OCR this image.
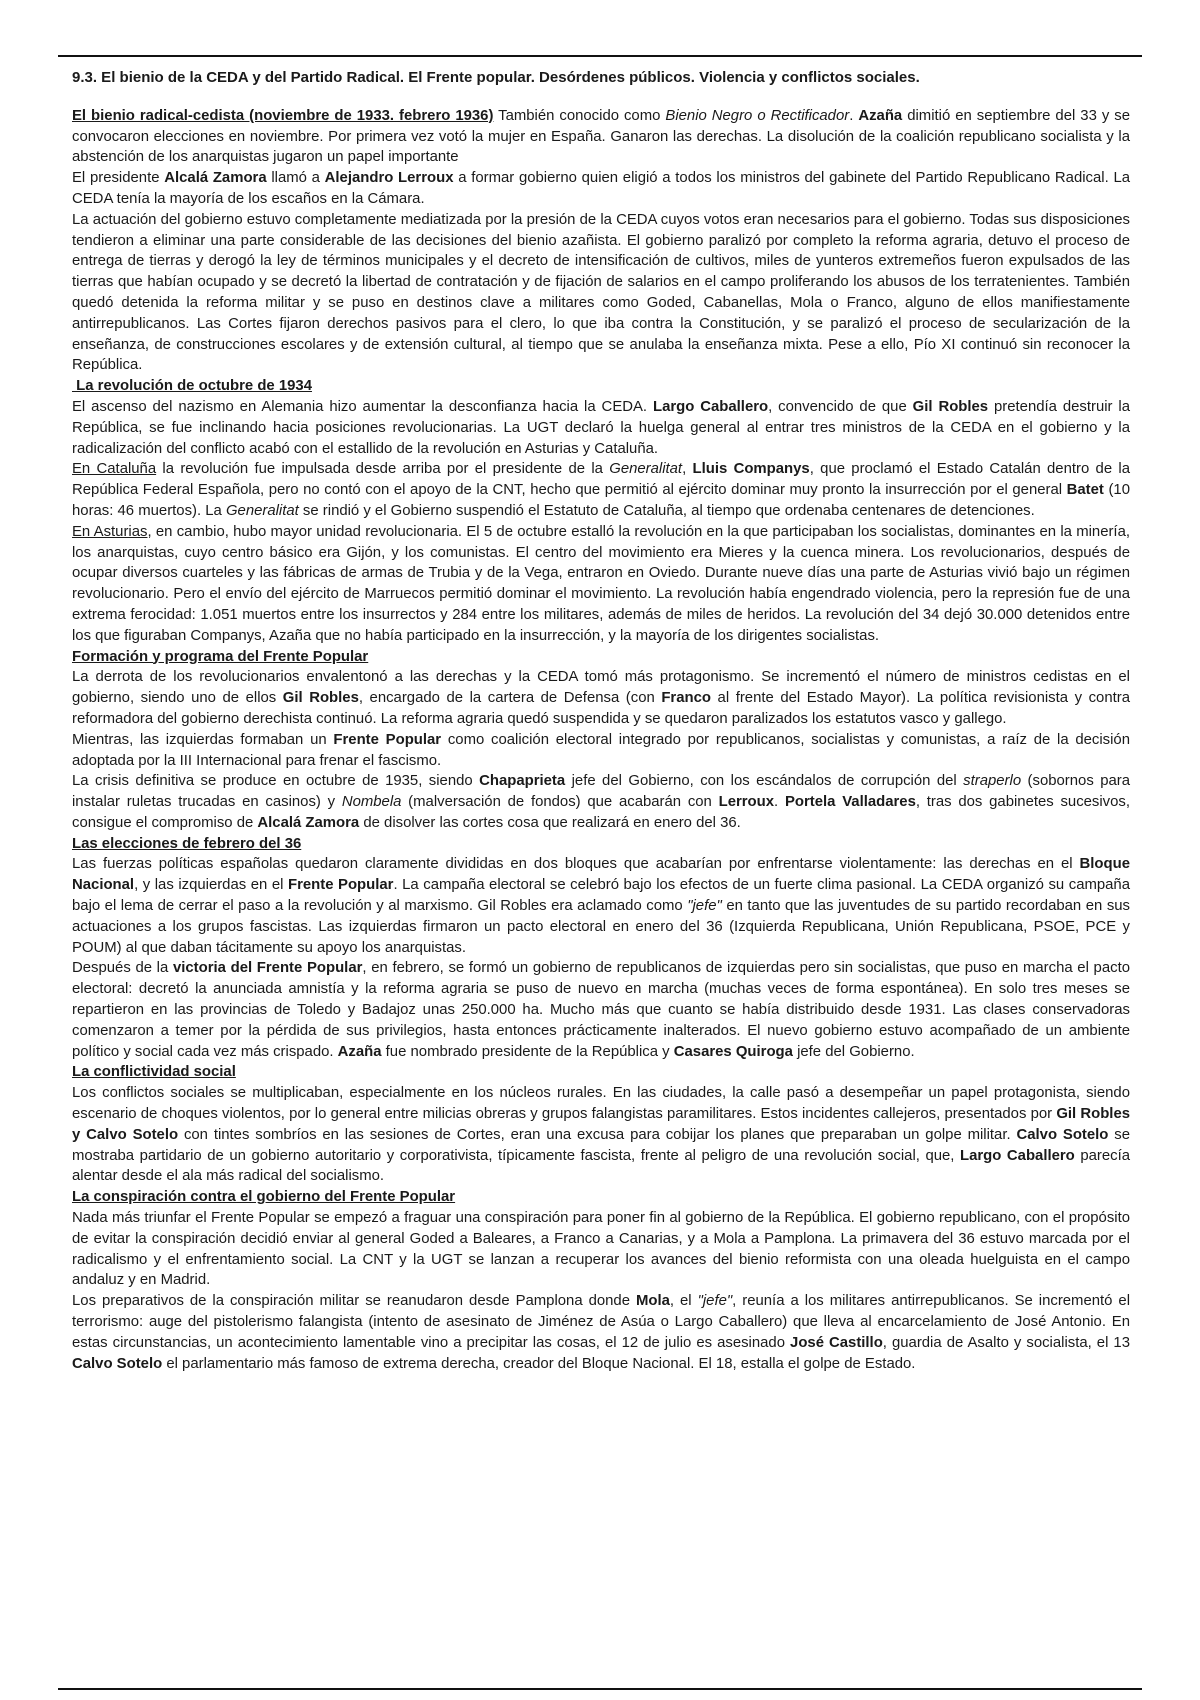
9.3. El bienio de la CEDA y del Partido Radical. El Frente popular. Desórdenes públicos. Violencia y conflictos sociales.

El bienio radical-cedista (noviembre de 1933. febrero 1936) También conocido como Bienio Negro o Rectificador. Azaña dimitió en septiembre del 33 y se convocaron elecciones en noviembre. Por primera vez votó la mujer en España. Ganaron las derechas. La disolución de la coalición republicano socialista y la abstención de los anarquistas jugaron un papel importante

El presidente Alcalá Zamora llamó a Alejandro Lerroux a formar gobierno quien eligió a todos los ministros del gabinete del Partido Republicano Radical. La CEDA tenía la mayoría de los escaños en la Cámara.

La actuación del gobierno estuvo completamente mediatizada por la presión de la CEDA cuyos votos eran necesarios para el gobierno. Todas sus disposiciones tendieron a eliminar una parte considerable de las decisiones del bienio azañista. El gobierno paralizó por completo la reforma agraria, detuvo el proceso de entrega de tierras y derogó la ley de términos municipales y el decreto de intensificación de cultivos, miles de yunteros extremeños fueron expulsados de las tierras que habían ocupado y se decretó la libertad de contratación y de fijación de salarios en el campo proliferando los abusos de los terratenientes. También quedó detenida la reforma militar y se puso en destinos clave a militares como Goded, Cabanellas, Mola o Franco, alguno de ellos manifiestamente antirrepublicanos. Las Cortes fijaron derechos pasivos para el clero, lo que iba contra la Constitución, y se paralizó el proceso de secularización de la enseñanza, de construcciones escolares y de extensión cultural, al tiempo que se anulaba la enseñanza mixta. Pese a ello, Pío XI continuó sin reconocer la República.

La revolución de octubre de 1934

El ascenso del nazismo en Alemania hizo aumentar la desconfianza hacia la CEDA. Largo Caballero, convencido de que Gil Robles pretendía destruir la República, se fue inclinando hacia posiciones revolucionarias. La UGT declaró la huelga general al entrar tres ministros de la CEDA en el gobierno y la radicalización del conflicto acabó con el estallido de la revolución en Asturias y Cataluña.

En Cataluña la revolución fue impulsada desde arriba por el presidente de la Generalitat, Lluis Companys, que proclamó el Estado Catalán dentro de la República Federal Española, pero no contó con el apoyo de la CNT, hecho que permitió al ejército dominar muy pronto la insurrección por el general Batet (10 horas: 46 muertos). La Generalitat se rindió y el Gobierno suspendió el Estatuto de Cataluña, al tiempo que ordenaba centenares de detenciones.

En Asturias, en cambio, hubo mayor unidad revolucionaria. El 5 de octubre estalló la revolución en la que participaban los socialistas, dominantes en la minería, los anarquistas, cuyo centro básico era Gijón, y los comunistas. El centro del movimiento era Mieres y la cuenca minera. Los revolucionarios, después de ocupar diversos cuarteles y las fábricas de armas de Trubia y de la Vega, entraron en Oviedo. Durante nueve días una parte de Asturias vivió bajo un régimen revolucionario. Pero el envío del ejército de Marruecos permitió dominar el movimiento. La revolución había engendrado violencia, pero la represión fue de una extrema ferocidad: 1.051 muertos entre los insurrectos y 284 entre los militares, además de miles de heridos. La revolución del 34 dejó 30.000 detenidos entre los que figuraban Companys, Azaña que no había participado en la insurrección, y la mayoría de los dirigentes socialistas.

Formación y programa del Frente Popular

La derrota de los revolucionarios envalentonó a las derechas y la CEDA tomó más protagonismo. Se incrementó el número de ministros cedistas en el gobierno, siendo uno de ellos Gil Robles, encargado de la cartera de Defensa (con Franco al frente del Estado Mayor). La política revisionista y contra reformadora del gobierno derechista continuó. La reforma agraria quedó suspendida y se quedaron paralizados los estatutos vasco y gallego.

Mientras, las izquierdas formaban un Frente Popular como coalición electoral integrado por republicanos, socialistas y comunistas, a raíz de la decisión adoptada por la III Internacional para frenar el fascismo.

La crisis definitiva se produce en octubre de 1935, siendo Chapaprieta jefe del Gobierno, con los escándalos de corrupción del straperlo (sobornos para instalar ruletas trucadas en casinos) y Nombela (malversación de fondos) que acabarán con Lerroux. Portela Valladares, tras dos gabinetes sucesivos, consigue el compromiso de Alcalá Zamora de disolver las cortes cosa que realizará en enero del 36.

Las elecciones de febrero del 36

Las fuerzas políticas españolas quedaron claramente divididas en dos bloques que acabarían por enfrentarse violentamente: las derechas en el Bloque Nacional, y las izquierdas en el Frente Popular. La campaña electoral se celebró bajo los efectos de un fuerte clima pasional. La CEDA organizó su campaña bajo el lema de cerrar el paso a la revolución y al marxismo. Gil Robles era aclamado como "jefe" en tanto que las juventudes de su partido recordaban en sus actuaciones a los grupos fascistas. Las izquierdas firmaron un pacto electoral en enero del 36 (Izquierda Republicana, Unión Republicana, PSOE, PCE y POUM) al que daban tácitamente su apoyo los anarquistas.

Después de la victoria del Frente Popular, en febrero, se formó un gobierno de republicanos de izquierdas pero sin socialistas, que puso en marcha el pacto electoral: decretó la anunciada amnistía y la reforma agraria se puso de nuevo en marcha (muchas veces de forma espontánea). En solo tres meses se repartieron en las provincias de Toledo y Badajoz unas 250.000 ha. Mucho más que cuanto se había distribuido desde 1931. Las clases conservadoras comenzaron a temer por la pérdida de sus privilegios, hasta entonces prácticamente inalterados. El nuevo gobierno estuvo acompañado de un ambiente político y social cada vez más crispado. Azaña fue nombrado presidente de la República y Casares Quiroga jefe del Gobierno.

La conflictividad social

Los conflictos sociales se multiplicaban, especialmente en los núcleos rurales. En las ciudades, la calle pasó a desempeñar un papel protagonista, siendo escenario de choques violentos, por lo general entre milicias obreras y grupos falangistas paramilitares. Estos incidentes callejeros, presentados por Gil Robles y Calvo Sotelo con tintes sombríos en las sesiones de Cortes, eran una excusa para cobijar los planes que preparaban un golpe militar. Calvo Sotelo se mostraba partidario de un gobierno autoritario y corporativista, típicamente fascista, frente al peligro de una revolución social, que, Largo Caballero parecía alentar desde el ala más radical del socialismo.

La conspiración contra el gobierno del Frente Popular

Nada más triunfar el Frente Popular se empezó a fraguar una conspiración para poner fin al gobierno de la República. El gobierno republicano, con el propósito de evitar la conspiración decidió enviar al general Goded a Baleares, a Franco a Canarias, y a Mola a Pamplona. La primavera del 36 estuvo marcada por el radicalismo y el enfrentamiento social. La CNT y la UGT se lanzan a recuperar los avances del bienio reformista con una oleada huelguista en el campo andaluz y en Madrid.

Los preparativos de la conspiración militar se reanudaron desde Pamplona donde Mola, el "jefe", reunía a los militares antirrepublicanos. Se incrementó el terrorismo: auge del pistolerismo falangista (intento de asesinato de Jiménez de Asúa o Largo Caballero) que lleva al encarcelamiento de José Antonio. En estas circunstancias, un acontecimiento lamentable vino a precipitar las cosas, el 12 de julio es asesinado José Castillo, guardia de Asalto y socialista, el 13 Calvo Sotelo el parlamentario más famoso de extrema derecha, creador del Bloque Nacional. El 18, estalla el golpe de Estado.
